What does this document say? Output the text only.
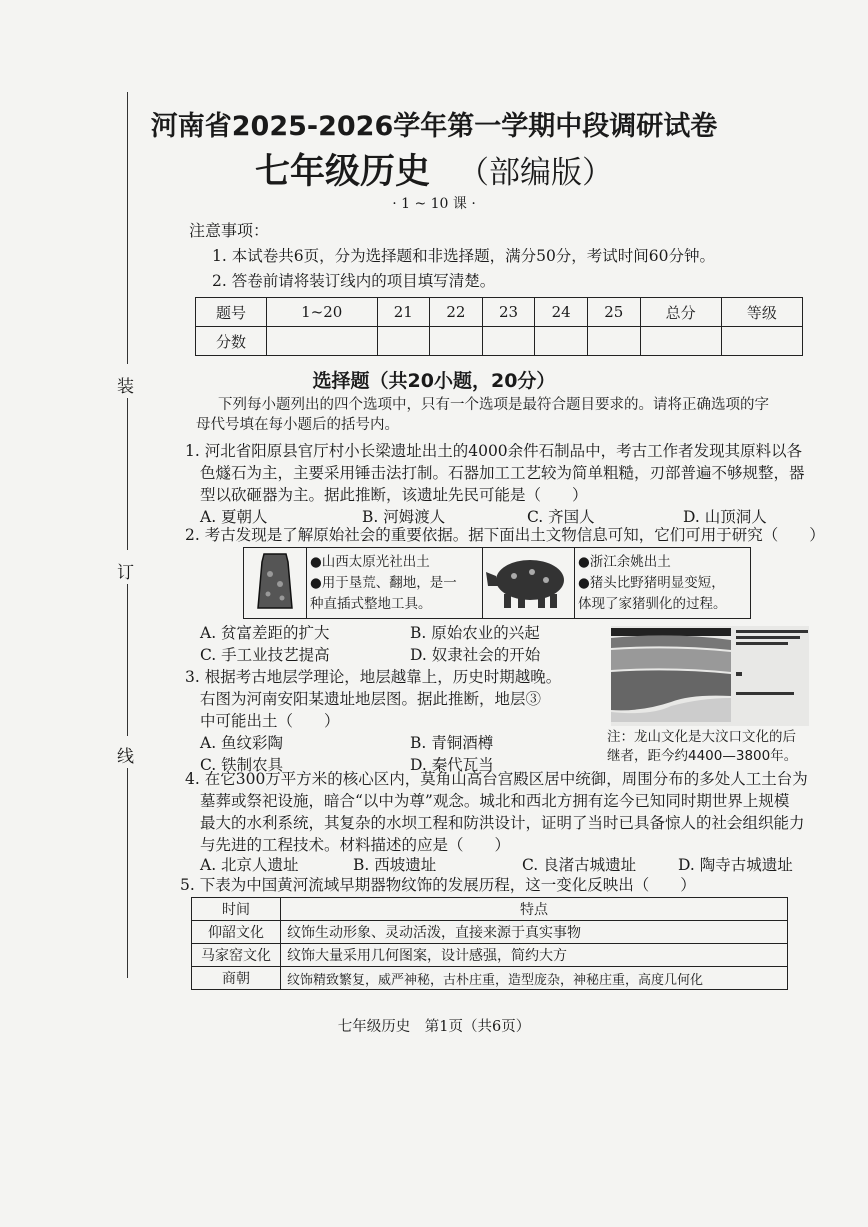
装
订
线
河南省2025-2026学年第一学期中段调研试卷
七年级历史 （部编版）
· 1 ~ 10 课 ·
注意事项：
1. 本试卷共6页，分为选择题和非选择题，满分50分，考试时间60分钟。
2. 答卷前请将装订线内的项目填写清楚。
题号	1~20	21	22	23	24	25	总分	等级
分数								
选择题（共20小题，20分）
下列每小题列出的四个选项中，只有一个选项是最符合题目要求的。请将正确选项的字
母代号填在每小题后的括号内。
1. 河北省阳原县官厅村小长梁遗址出土的4000余件石制品中，考古工作者发现其原料以各
色燧石为主，主要采用锤击法打制。石器加工工艺较为简单粗糙，刃部普遍不够规整，器
型以砍砸器为主。据此推断，该遗址先民可能是（　　）
A. 夏朝人	B. 河姆渡人	C. 齐国人	D. 山顶洞人
2. 考古发现是了解原始社会的重要依据。据下面出土文物信息可知，它们可用于研究（　　）
●山西太原光社出土
●用于垦荒、翻地，是一
种直插式整地工具。
●浙江余姚出土
●猪头比野猪明显变短，
体现了家猪驯化的过程。
A. 贫富差距的扩大	B. 原始农业的兴起
C. 手工业技艺提高	D. 奴隶社会的开始
3. 根据考古地层学理论，地层越靠上，历史时期越晚。
右图为河南安阳某遗址地层图。据此推断，地层③
中可能出土（　　）
A. 鱼纹彩陶	B. 青铜酒樽
C. 铁制农具	D. 秦代瓦当
注：龙山文化是大汶口文化的后
继者，距今约4400—3800年。
4. 在它300万平方米的核心区内，莫角山高台宫殿区居中统御，周围分布的多处人工土台为
墓葬或祭祀设施，暗合“以中为尊”观念。城北和西北方拥有迄今已知同时期世界上规模
最大的水利系统，其复杂的水坝工程和防洪设计，证明了当时已具备惊人的社会组织能力
与先进的工程技术。材料描述的应是（　　）
A. 北京人遗址	B. 西坡遗址	C. 良渚古城遗址	D. 陶寺古城遗址
5. 下表为中国黄河流域早期器物纹饰的发展历程，这一变化反映出（　　）
时间	特点
仰韶文化	纹饰生动形象、灵动活泼，直接来源于真实事物
马家窑文化	纹饰大量采用几何图案，设计感强，简约大方
商朝	纹饰精致繁复，威严神秘，古朴庄重，造型庞杂，神秘庄重，高度几何化
七年级历史　第1页（共6页）
